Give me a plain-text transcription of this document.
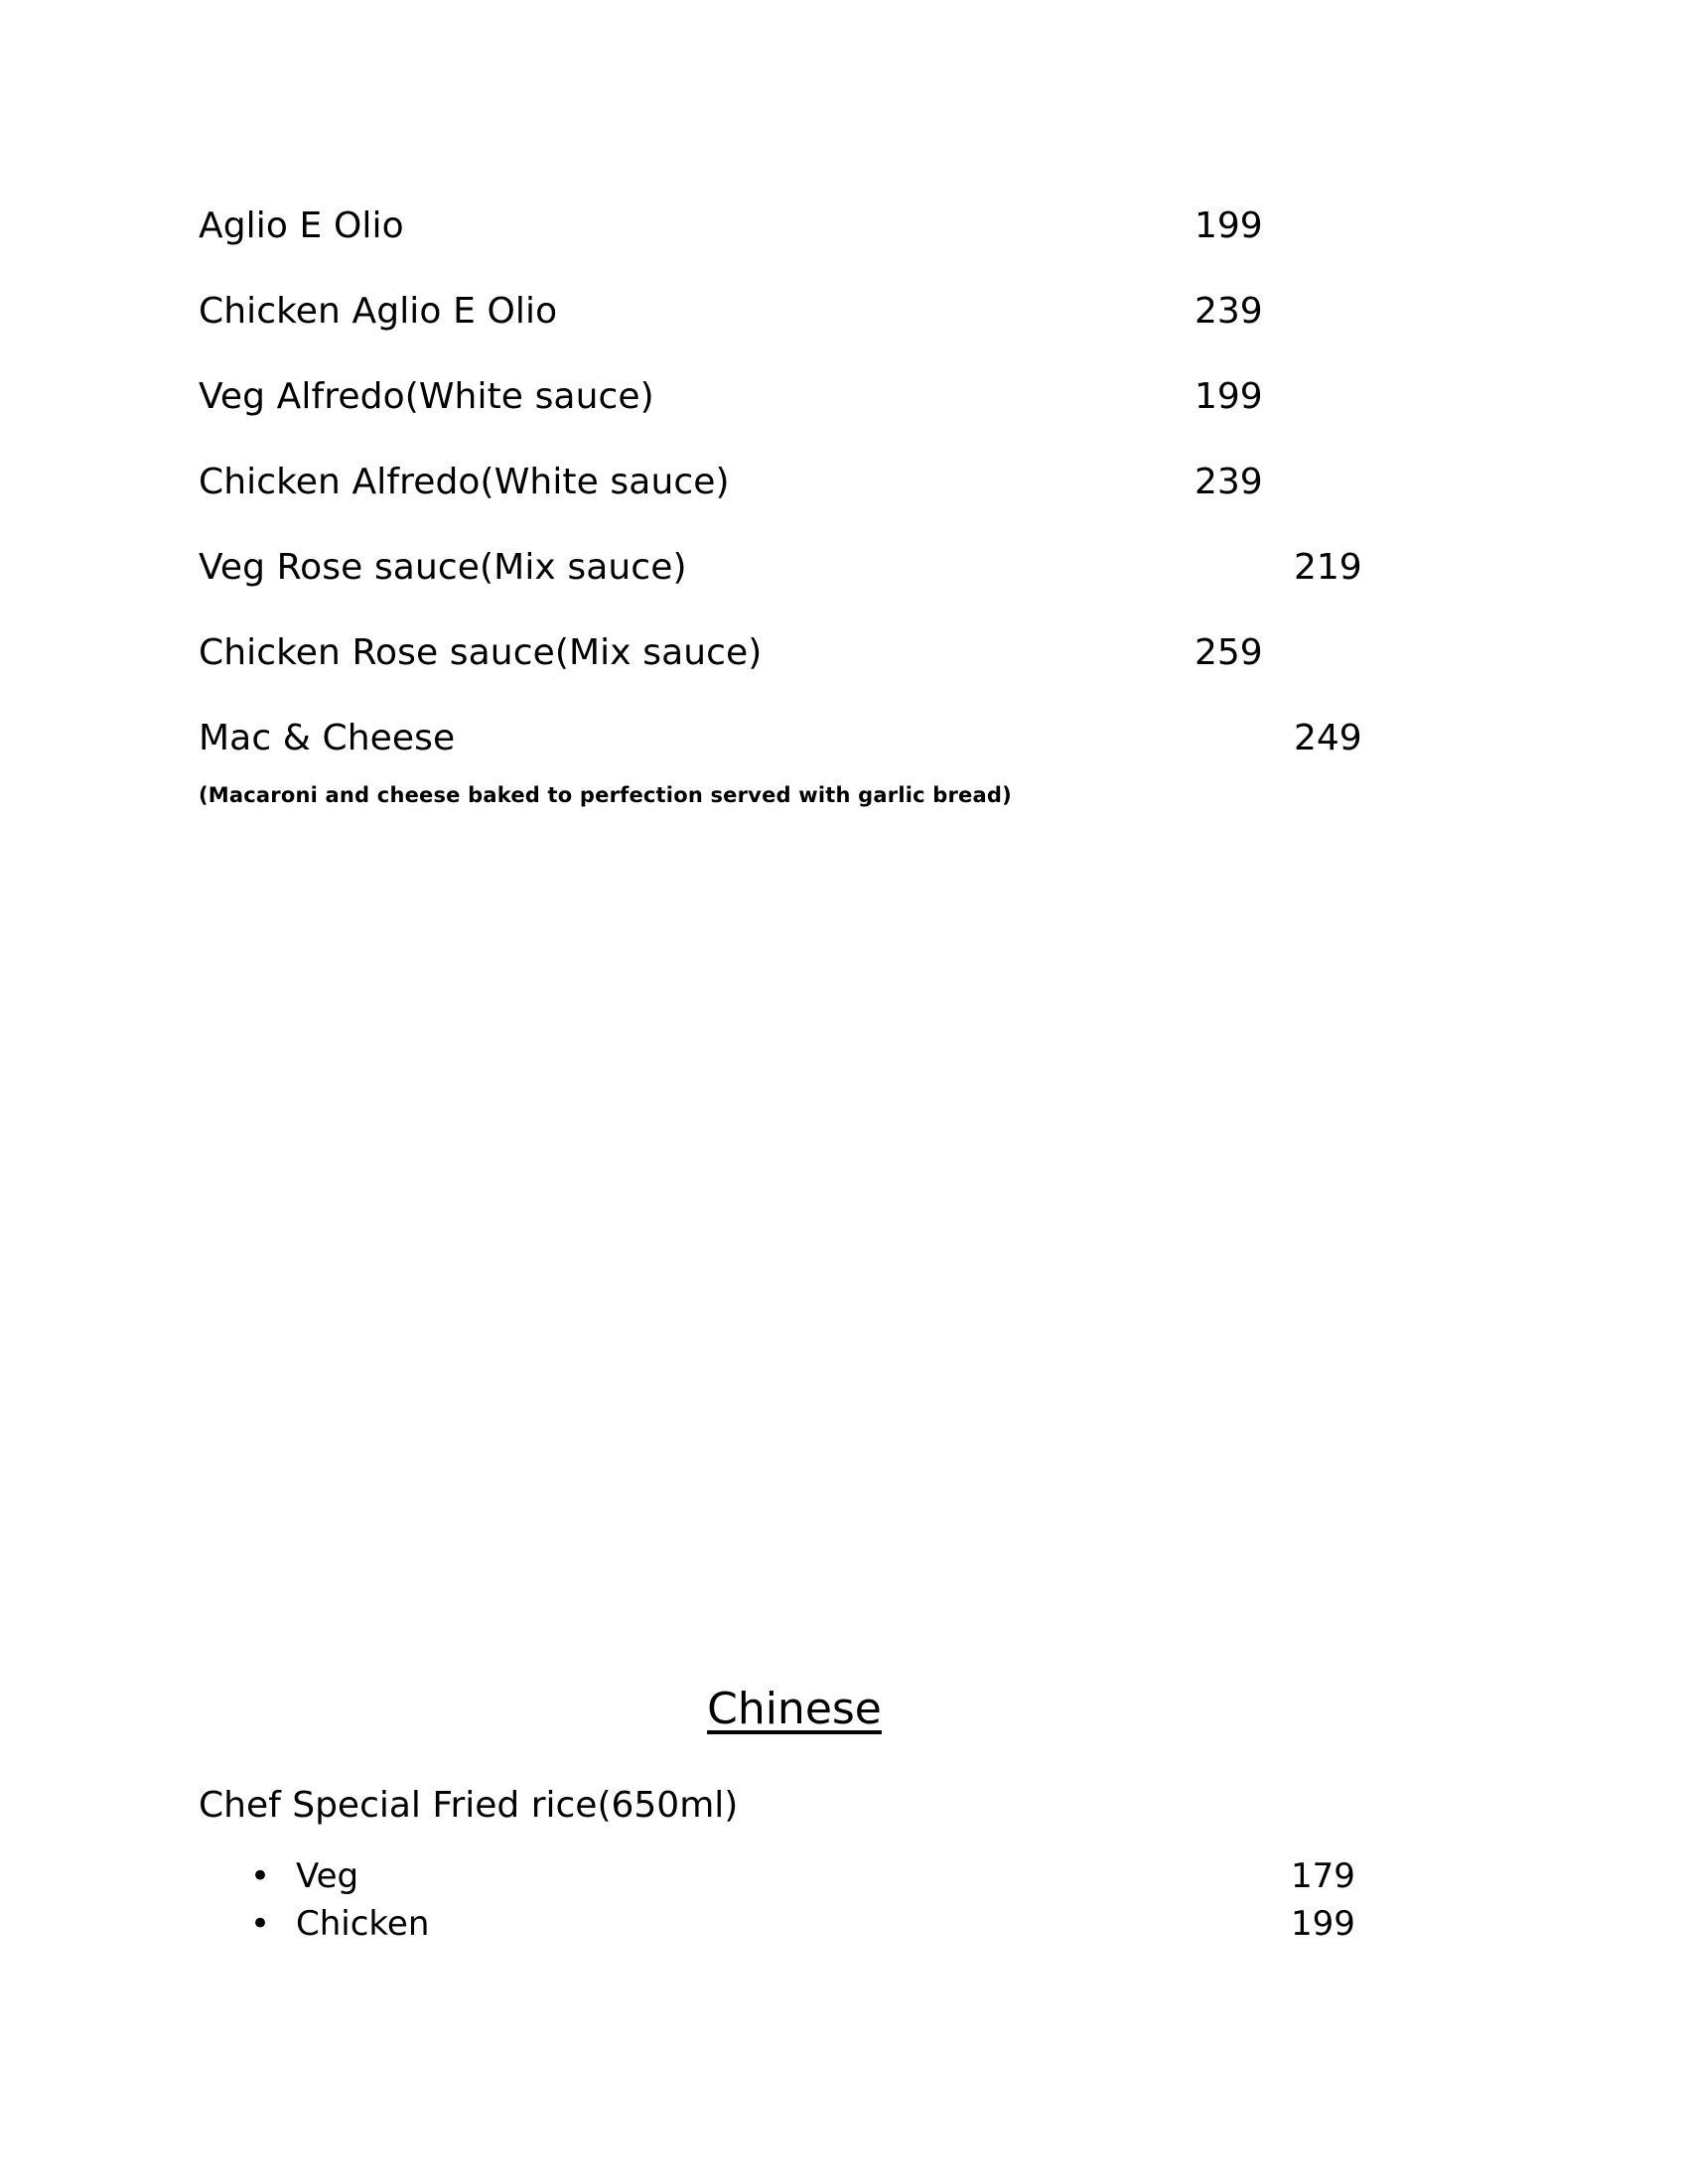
Aglio E Olio	199
Chicken Aglio E Olio	239
Veg Alfredo(White sauce)	199
Chicken Alfredo(White sauce)	239
Veg Rose sauce(Mix sauce)	219
Chicken Rose sauce(Mix sauce)	259
Mac & Cheese	249
(Macaroni and cheese baked to perfection served with garlic bread)
Chinese
Chef Special Fried rice(650ml)
• Veg	179
• Chicken	199
